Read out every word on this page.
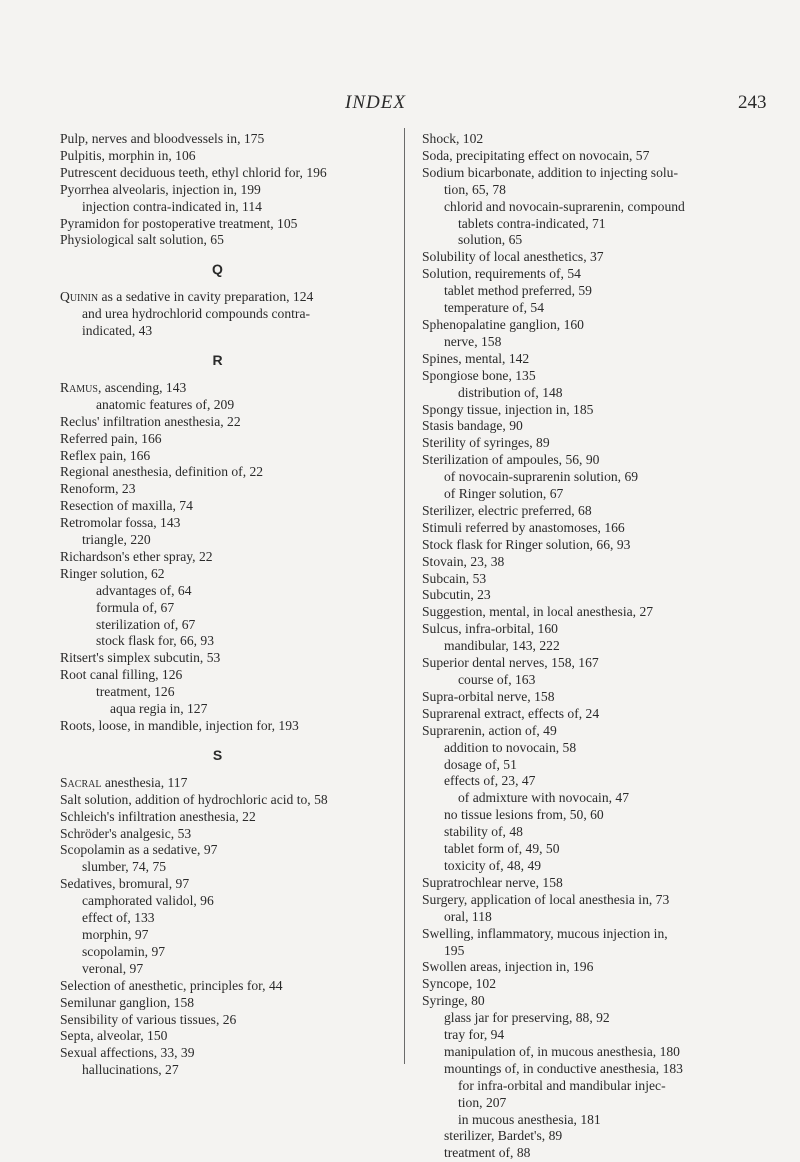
INDEX	243
Pulp, nerves and bloodvessels in, 175
Pulpitis, morphin in, 106
Putrescent deciduous teeth, ethyl chlorid for, 196
Pyorrhea alveolaris, injection in, 199
injection contra-indicated in, 114
Pyramidon for postoperative treatment, 105
Physiological salt solution, 65
Q
Quinin as a sedative in cavity preparation, 124
and urea hydrochlorid compounds contra-
indicated, 43
R
Ramus, ascending, 143
anatomic features of, 209
Reclus' infiltration anesthesia, 22
Referred pain, 166
Reflex pain, 166
Regional anesthesia, definition of, 22
Renoform, 23
Resection of maxilla, 74
Retromolar fossa, 143
triangle, 220
Richardson's ether spray, 22
Ringer solution, 62
advantages of, 64
formula of, 67
sterilization of, 67
stock flask for, 66, 93
Ritsert's simplex subcutin, 53
Root canal filling, 126
treatment, 126
aqua regia in, 127
Roots, loose, in mandible, injection for, 193
S
Sacral anesthesia, 117
Salt solution, addition of hydrochloric acid to, 58
Schleich's infiltration anesthesia, 22
Schröder's analgesic, 53
Scopolamin as a sedative, 97
slumber, 74, 75
Sedatives, bromural, 97
camphorated validol, 96
effect of, 133
morphin, 97
scopolamin, 97
veronal, 97
Selection of anesthetic, principles for, 44
Semilunar ganglion, 158
Sensibility of various tissues, 26
Septa, alveolar, 150
Sexual affections, 33, 39
hallucinations, 27
Shock, 102
Soda, precipitating effect on novocain, 57
Sodium bicarbonate, addition to injecting solu-
tion, 65, 78
chlorid and novocain-suprarenin, compound
tablets contra-indicated, 71
solution, 65
Solubility of local anesthetics, 37
Solution, requirements of, 54
tablet method preferred, 59
temperature of, 54
Sphenopalatine ganglion, 160
nerve, 158
Spines, mental, 142
Spongiose bone, 135
distribution of, 148
Spongy tissue, injection in, 185
Stasis bandage, 90
Sterility of syringes, 89
Sterilization of ampoules, 56, 90
of novocain-suprarenin solution, 69
of Ringer solution, 67
Sterilizer, electric preferred, 68
Stimuli referred by anastomoses, 166
Stock flask for Ringer solution, 66, 93
Stovain, 23, 38
Subcain, 53
Subcutin, 23
Suggestion, mental, in local anesthesia, 27
Sulcus, infra-orbital, 160
mandibular, 143, 222
Superior dental nerves, 158, 167
course of, 163
Supra-orbital nerve, 158
Suprarenal extract, effects of, 24
Suprarenin, action of, 49
addition to novocain, 58
dosage of, 51
effects of, 23, 47
of admixture with novocain, 47
no tissue lesions from, 50, 60
stability of, 48
tablet form of, 49, 50
toxicity of, 48, 49
Supratrochlear nerve, 158
Surgery, application of local anesthesia in, 73
oral, 118
Swelling, inflammatory, mucous injection in,
195
Swollen areas, injection in, 196
Syncope, 102
Syringe, 80
glass jar for preserving, 88, 92
tray for, 94
manipulation of, in mucous anesthesia, 180
mountings of, in conductive anesthesia, 183
for infra-orbital and mandibular injec-
tion, 207
in mucous anesthesia, 181
sterilizer, Bardet's, 89
treatment of, 88
